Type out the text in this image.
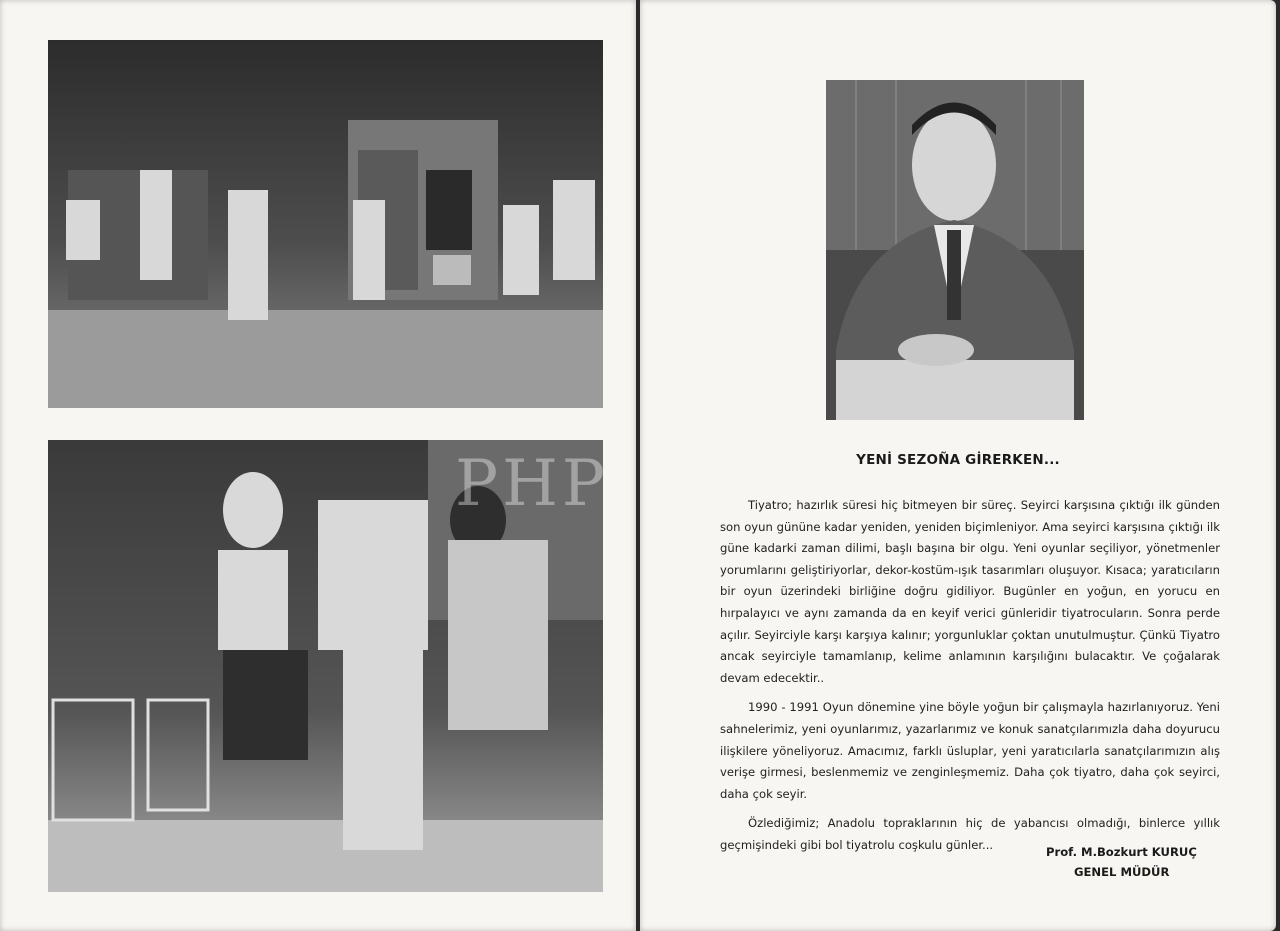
YENİ SEZOÑA GİRERKEN...

Tiyatro; hazırlık süresi hiç bitmeyen bir süreç. Seyirci karşısına çıktığı ilk günden son oyun gününe kadar yeniden, yeniden biçimleniyor. Ama seyirci karşısına çıktığı ilk güne kadarki zaman dilimi, başlı başına bir olgu. Yeni oyunlar seçiliyor, yönetmenler yorumlarını geliştiriyorlar, dekor-kostüm-ışık tasarımları oluşuyor. Kısaca; yaratıcıların bir oyun üzerindeki birliğine doğru gidiliyor. Bugünler en yoğun, en yorucu en hırpalayıcı ve aynı zamanda da en keyif verici günleridir tiyatrocuların. Sonra perde açılır. Seyirciyle karşı karşıya kalınır; yorgunluklar çoktan unutulmuştur. Çünkü Tiyatro ancak seyirciyle tamamlanıp, kelime anlamının karşılığını bulacaktır. Ve çoğalarak devam edecektir..

1990 - 1991 Oyun dönemine yine böyle yoğun bir çalışmayla hazırlanıyoruz. Yeni sahnelerimiz, yeni oyunlarımız, yazarlarımız ve konuk sanatçılarımızla daha doyurucu ilişkilere yöneliyoruz. Amacımız, farklı üsluplar, yeni yaratıcılarla sanatçılarımızın alış verişe girmesi, beslenmemiz ve zenginleşmemiz. Daha çok tiyatro, daha çok seyirci, daha çok seyir.

Özlediğimiz; Anadolu topraklarının hiç de yabancısı olmadığı, binlerce yıllık geçmişindeki gibi bol tiyatrolu coşkulu günler...

Prof. M.Bozkurt KURUÇ
GENEL MÜDÜR
PHP
